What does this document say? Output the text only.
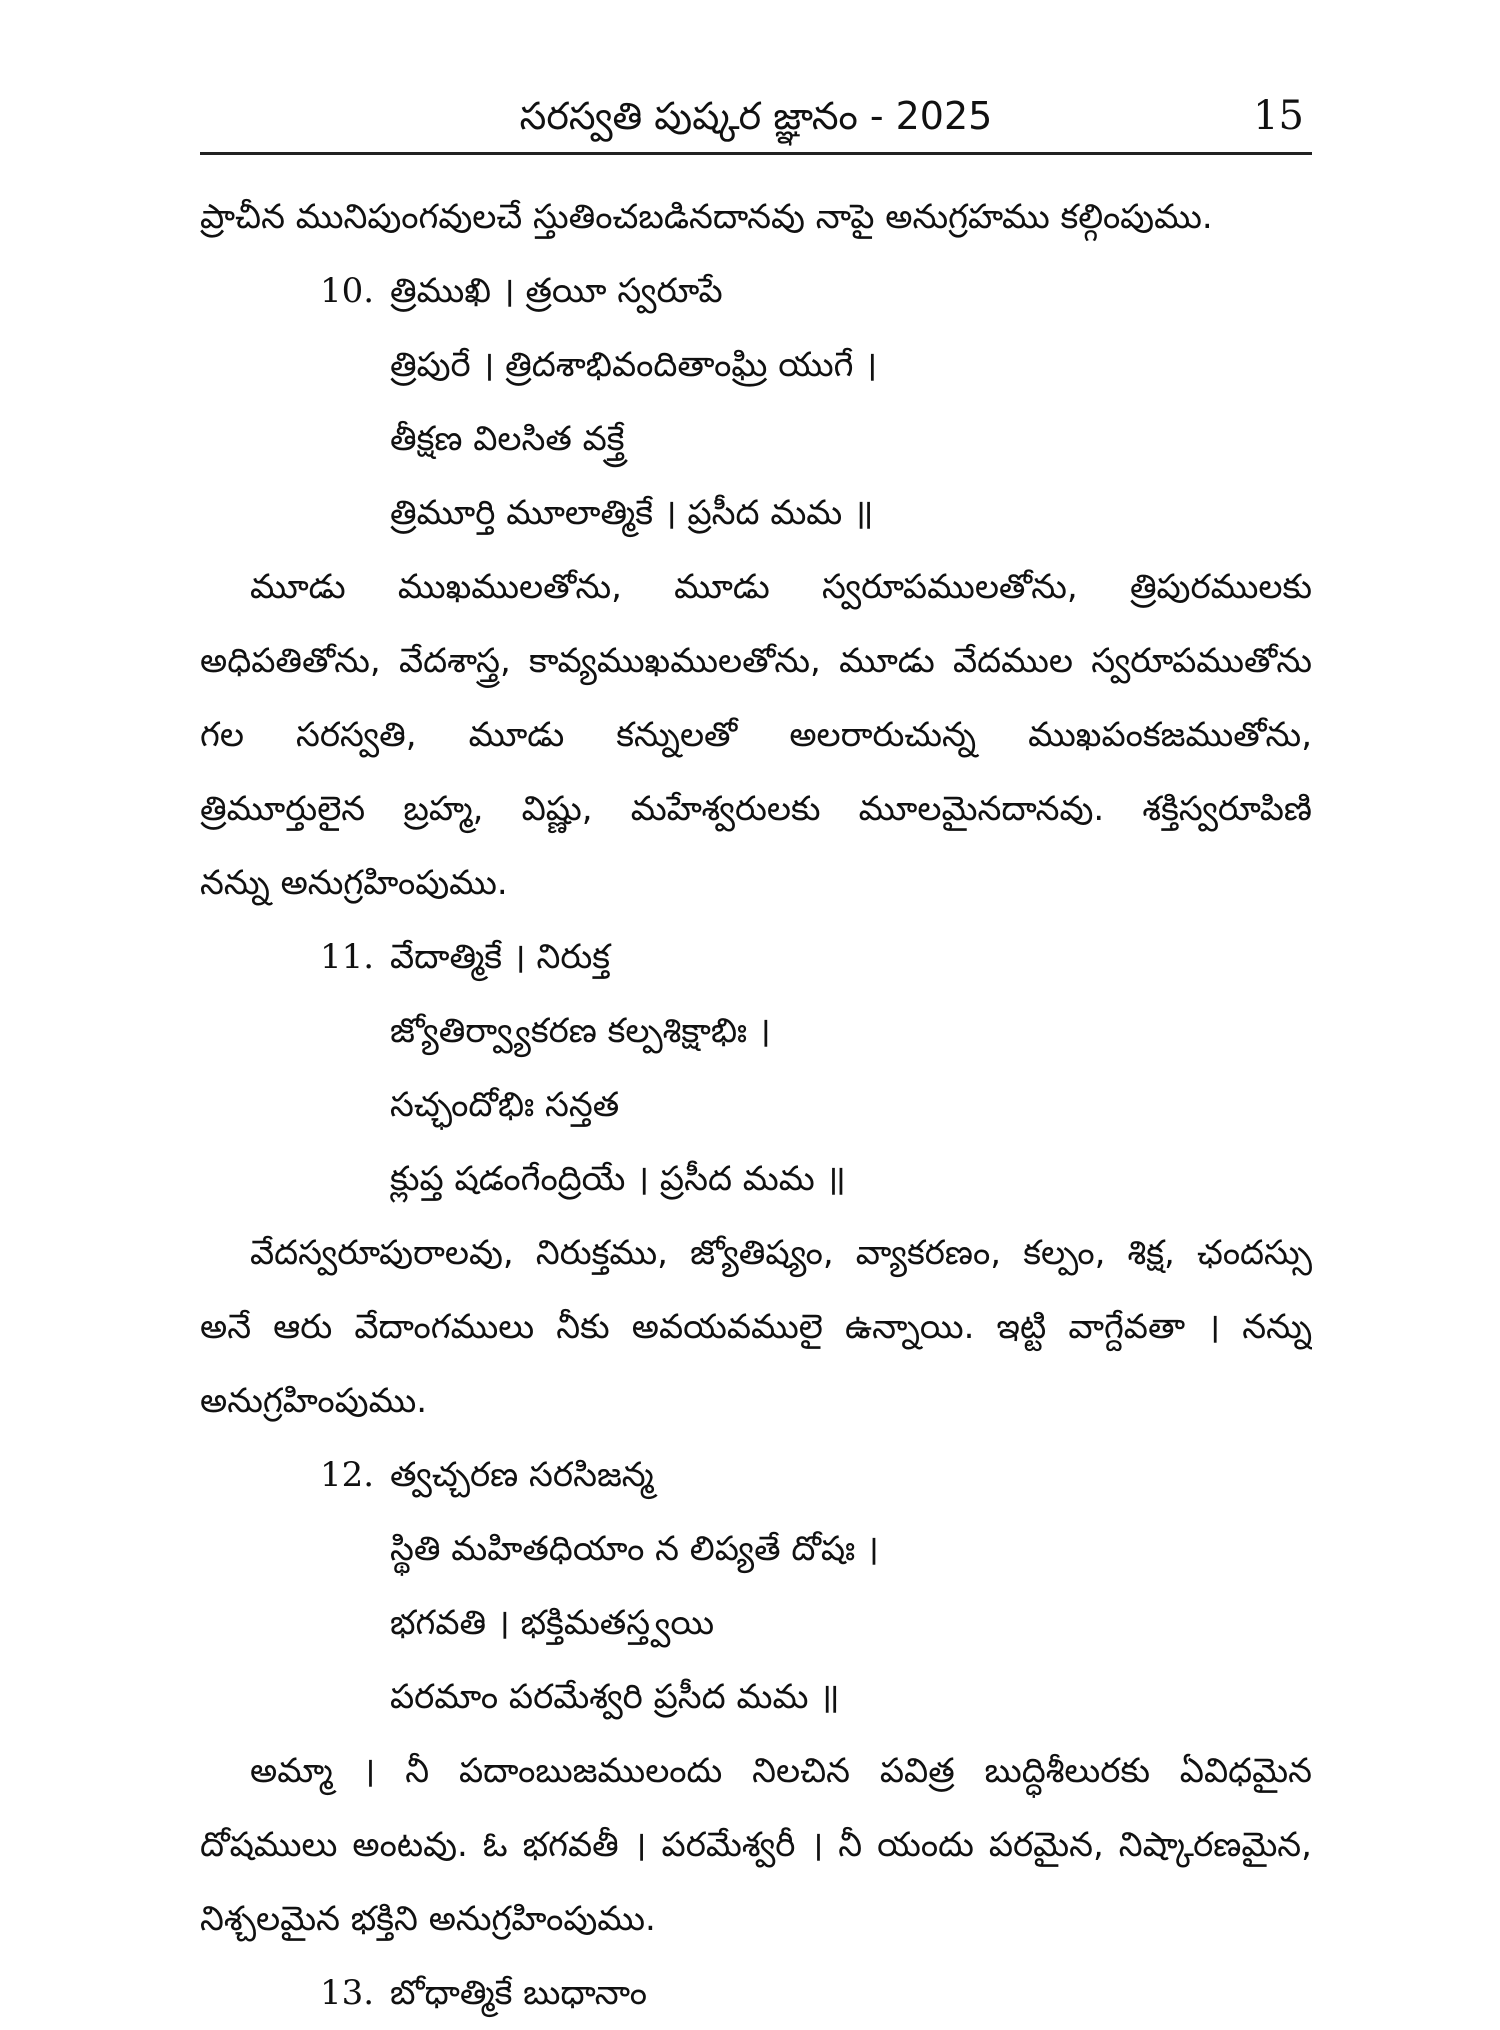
సరస్వతి పుష్కర జ్ఞానం - 2025	15
ప్రాచీన మునిపుంగవులచే స్తుతించబడినదానవు నాపై అనుగ్రహము కల్గింపుము.
10. త్రిముఖి । త్రయీ స్వరూపే
త్రిపురే । త్రిదశాభివందితాంఘ్రి యుగే ।
తీక్షణ విలసిత వక్త్రే
త్రిమూర్తి మూలాత్మికే । ప్రసీద మమ ॥
మూడు ముఖములతోను, మూడు స్వరూపములతోను, త్రిపురములకు
అధిపతితోను, వేదశాస్త్ర, కావ్యముఖములతోను, మూడు వేదముల స్వరూపముతోను
గల సరస్వతి, మూడు కన్నులతో అలరారుచున్న ముఖపంకజముతోను,
త్రిమూర్తులైన బ్రహ్మ, విష్ణు, మహేశ్వరులకు మూలమైనదానవు. శక్తిస్వరూపిణి
నన్ను అనుగ్రహింపుము.
11. వేదాత్మికే । నిరుక్త
జ్యోతిర్వ్యాకరణ కల్పశిక్షాభిః ।
సచ్ఛందోభిః సన్తత
క్లుప్త షడంగేంద్రియే । ప్రసీద మమ ॥
వేదస్వరూపురాలవు, నిరుక్తము, జ్యోతిష్యం, వ్యాకరణం, కల్పం, శిక్ష, ఛందస్సు
అనే ఆరు వేదాంగములు నీకు అవయవములై ఉన్నాయి. ఇట్టి వాగ్దేవతా । నన్ను
అనుగ్రహింపుము.
12. త్వచ్చరణ సరసిజన్మ
స్థితి మహితధియాం న లిప్యతే దోషః ।
భగవతి । భక్తిమతస్త్వయి
పరమాం పరమేశ్వరి ప్రసీద మమ ॥
అమ్మా । నీ పదాంబుజములందు నిలచిన పవిత్ర బుద్ధిశీలురకు ఏవిధమైన
దోషములు అంటవు. ఓ భగవతీ । పరమేశ్వరీ । నీ యందు పరమైన, నిష్కారణమైన,
నిశ్చలమైన భక్తిని అనుగ్రహింపుము.
13. బోధాత్మికే బుధానాం
